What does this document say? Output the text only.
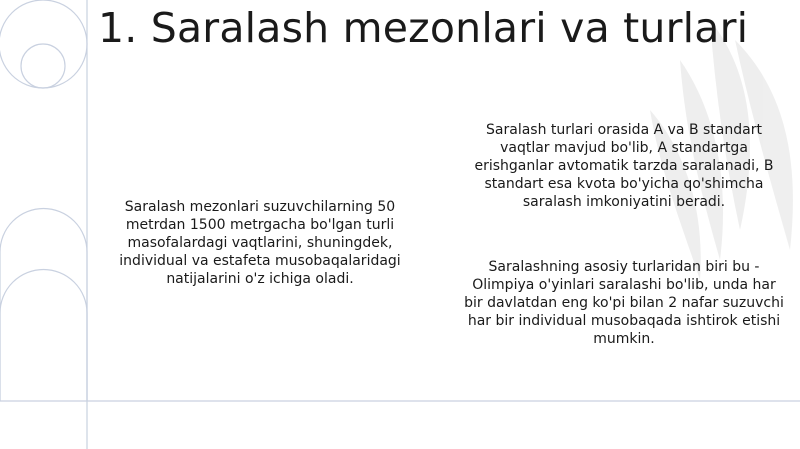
1. Saralash mezonlari va turlari

Saralash mezonlari suzuvchilarning 50 metrdan 1500 metrgacha bo'lgan turli masofalardagi vaqtlarini, shuningdek, individual va estafeta musobaqalaridagi natijalarini o'z ichiga oladi.

Saralash turlari orasida A va B standart vaqtlar mavjud bo'lib, A standartga erishganlar avtomatik tarzda saralanadi, B standart esa kvota bo'yicha qo'shimcha saralash imkoniyatini beradi.

Saralashning asosiy turlaridan biri bu - Olimpiya o'yinlari saralashi bo'lib, unda har bir davlatdan eng ko'pi bilan 2 nafar suzuvchi har bir individual musobaqada ishtirok etishi mumkin.
